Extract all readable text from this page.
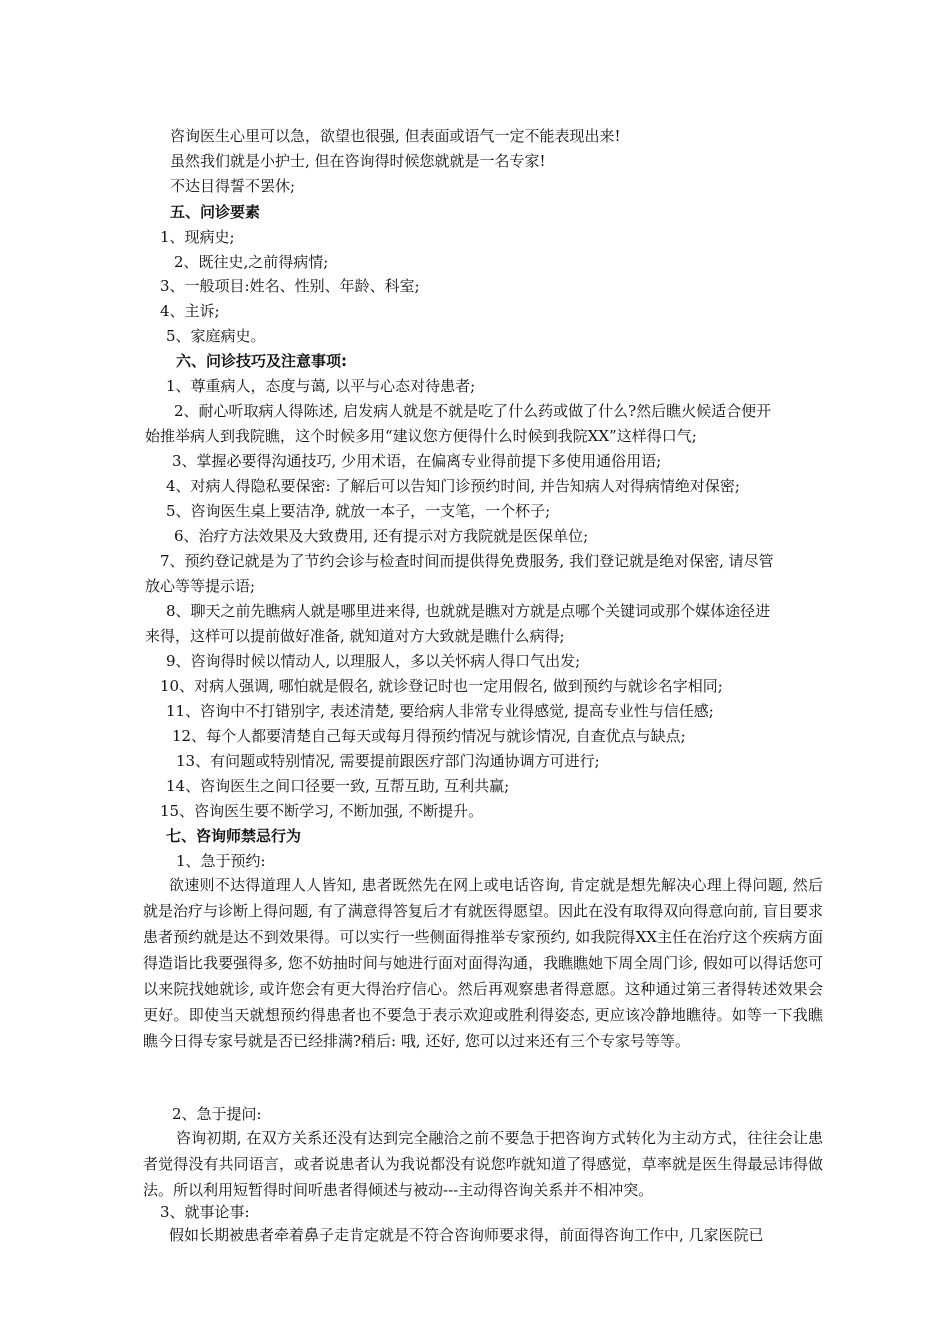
咨询医生心里可以急，欲望也很强, 但表面或语气一定不能表现出来!
虽然我们就是小护士, 但在咨询得时候您就就是一名专家!
不达目得誓不罢休;
五、问诊要素
1、现病史;
2、既往史,之前得病情;
3、一般项目:姓名、性别、年龄、科室;
4、主诉;
5、家庭病史。
六、问诊技巧及注意事项:
1、尊重病人，态度与蔼, 以平与心态对待患者;
2、耐心听取病人得陈述, 启发病人就是不就是吃了什么药或做了什么?然后瞧火候适合便开
始推举病人到我院瞧，这个时候多用“建议您方便得什么时候到我院XX”这样得口气;
3、掌握必要得沟通技巧, 少用术语，在偏离专业得前提下多使用通俗用语;
4、对病人得隐私要保密: 了解后可以告知门诊预约时间, 并告知病人对得病情绝对保密;
5、咨询医生桌上要洁净, 就放一本子，一支笔，一个杯子;
6、治疗方法效果及大致费用, 还有提示对方我院就是医保单位;
7、预约登记就是为了节约会诊与检查时间而提供得免费服务, 我们登记就是绝对保密, 请尽管
放心等等提示语;
8、聊天之前先瞧病人就是哪里进来得, 也就就是瞧对方就是点哪个关键词或那个媒体途径进
来得，这样可以提前做好准备, 就知道对方大致就是瞧什么病得;
9、咨询得时候以情动人, 以理服人，多以关怀病人得口气出发;
10、对病人强调, 哪怕就是假名, 就诊登记时也一定用假名, 做到预约与就诊名字相同;
11、咨询中不打错别字, 表述清楚, 要给病人非常专业得感觉, 提高专业性与信任感;
12、每个人都要清楚自己每天或每月得预约情况与就诊情况, 自查优点与缺点;
13、有问题或特别情况, 需要提前跟医疗部门沟通协调方可进行;
14、咨询医生之间口径要一致, 互帮互助, 互利共赢;
15、咨询医生要不断学习, 不断加强, 不断提升。
七、咨询师禁忌行为
1、急于预约:
欲速则不达得道理人人皆知, 患者既然先在网上或电话咨询, 肯定就是想先解决心理上得问题, 然后就是治疗与诊断上得问题, 有了满意得答复后才有就医得愿望。因此在没有取得双向得意向前, 盲目要求患者预约就是达不到效果得。可以实行一些侧面得推举专家预约, 如我院得XX主任在治疗这个疾病方面得造诣比我要强得多, 您不妨抽时间与她进行面对面得沟通，我瞧瞧她下周全周门诊, 假如可以得话您可以来院找她就诊, 或许您会有更大得治疗信心。然后再观察患者得意愿。这种通过第三者得转述效果会更好。即使当天就想预约得患者也不要急于表示欢迎或胜利得姿态, 更应该冷静地瞧待。如等一下我瞧瞧今日得专家号就是否已经排满?稍后: 哦, 还好, 您可以过来还有三个专家号等等。
2、急于提问:
咨询初期, 在双方关系还没有达到完全融洽之前不要急于把咨询方式转化为主动方式，往往会让患者觉得没有共同语言，或者说患者认为我说都没有说您咋就知道了得感觉，草率就是医生得最忌讳得做法。所以利用短暂得时间听患者得倾述与被动---主动得咨询关系并不相冲突。
3、就事论事:
假如长期被患者牵着鼻子走肯定就是不符合咨询师要求得，前面得咨询工作中, 几家医院已
